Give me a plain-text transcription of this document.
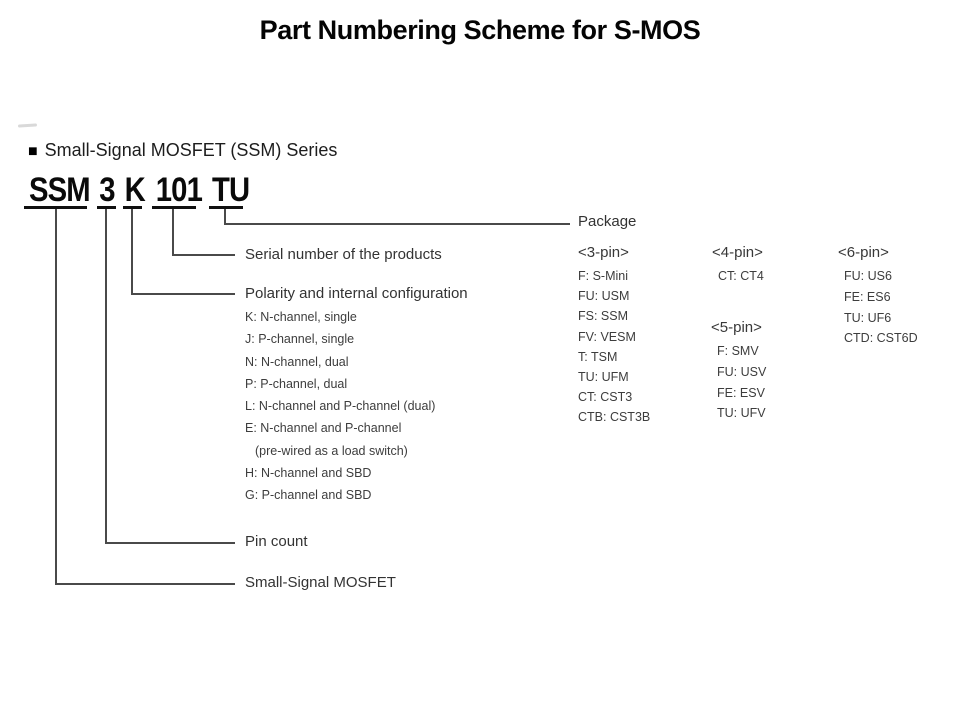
Part Numbering Scheme for S-MOS
■ Small-Signal MOSFET (SSM) Series
SSM 3 K 101 TU
Package
Serial number of the products
Polarity and internal configuration
Pin count
Small-Signal MOSFET
K: N-channel, single
J: P-channel, single
N: N-channel, dual
P: P-channel, dual
L: N-channel and P-channel (dual)
E: N-channel and P-channel
(pre-wired as a load switch)
H: N-channel and SBD
G: P-channel and SBD
<3-pin>
F: S-Mini
FU: USM
FS: SSM
FV: VESM
T: TSM
TU: UFM
CT: CST3
CTB: CST3B
<4-pin>
CT: CT4
<5-pin>
F: SMV
FU: USV
FE: ESV
TU: UFV
<6-pin>
FU: US6
FE: ES6
TU: UF6
CTD: CST6D
